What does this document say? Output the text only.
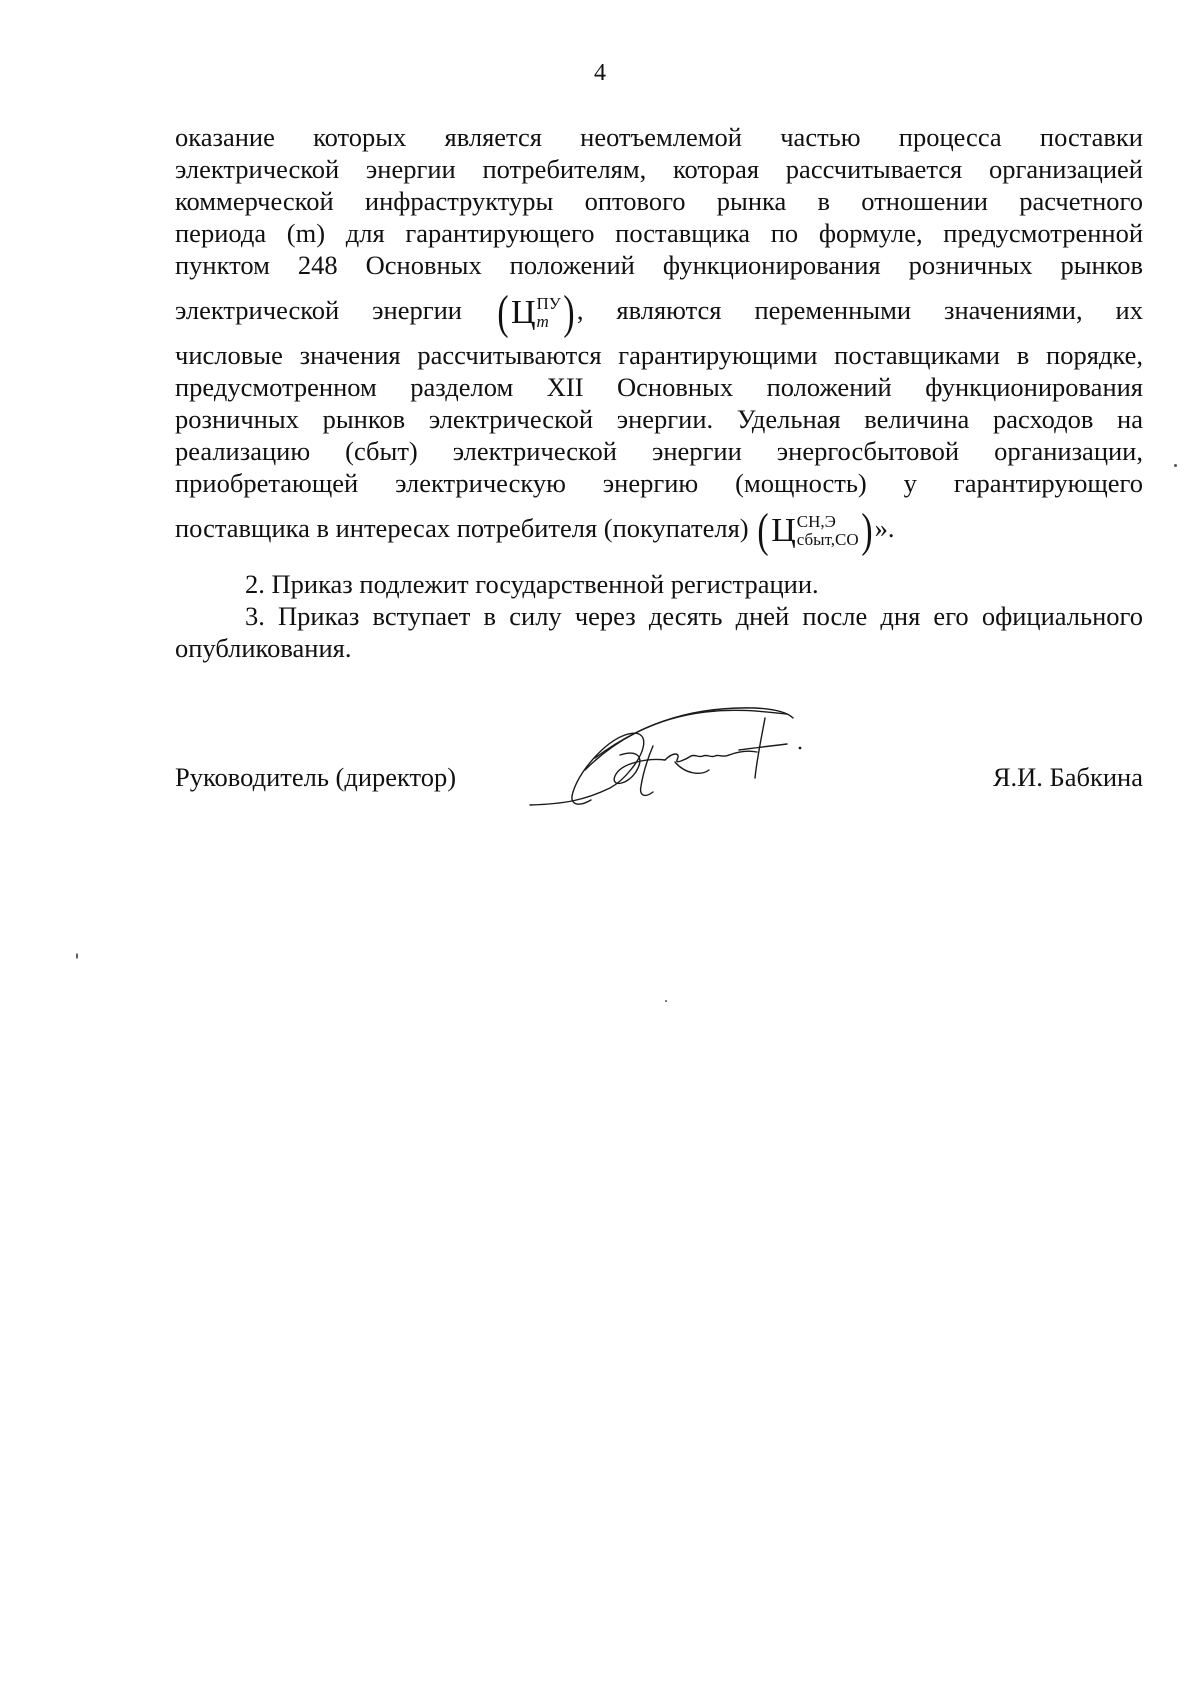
4
оказание которых является неотъемлемой частью процесса поставки
электрической энергии потребителям, которая рассчитывается организацией
коммерческой инфраструктуры оптового рынка в отношении расчетного
периода (m) для гарантирующего поставщика по формуле, предусмотренной
пунктом 248 Основных положений функционирования розничных рынков
электрической энергии (Ц ПУ
m ), являются переменными значениями, их
числовые значения рассчитываются гарантирующими поставщиками в порядке,
предусмотренном разделом XII Основных положений функционирования
розничных рынков электрической энергии. Удельная величина расходов на
реализацию (сбыт) электрической энергии энергосбытовой организации,
приобретающей электрическую энергию (мощность) у гарантирующего
поставщика в интересах потребителя (покупателя) (Ц СН,Э
сбыт,СО )».
2. Приказ подлежит государственной регистрации.
3. Приказ вступает в силу через десять дней после дня его официального
опубликования.
Руководитель (директор)	Я.И. Бабкина
